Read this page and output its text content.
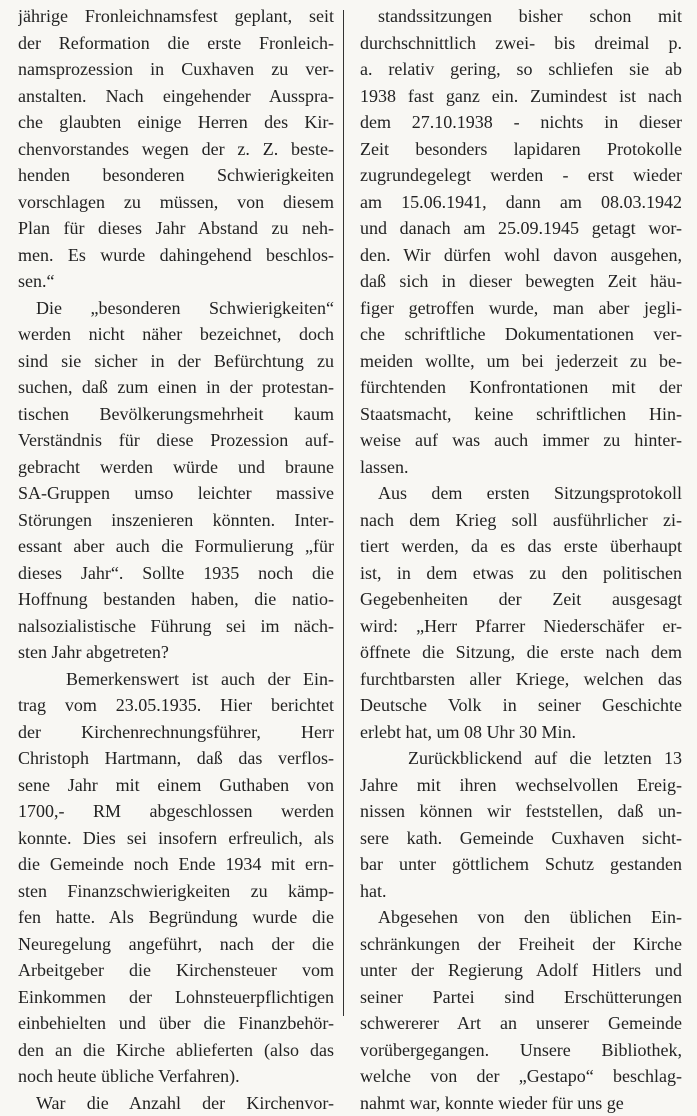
jährige Fronleichnamsfest geplant, seit
der Reformation die erste Fronleich-
namsprozession in Cuxhaven zu ver-
anstalten. Nach eingehender Ausspra-
che glaubten einige Herren des Kir-
chenvorstandes wegen der z. Z. beste-
henden besonderen Schwierigkeiten
vorschlagen zu müssen, von diesem
Plan für dieses Jahr Abstand zu neh-
men. Es wurde dahingehend beschlos-
sen.“
Die „besonderen Schwierigkeiten“
werden nicht näher bezeichnet, doch
sind sie sicher in der Befürchtung zu
suchen, daß zum einen in der protestan-
tischen Bevölkerungsmehrheit kaum
Verständnis für diese Prozession auf-
gebracht werden würde und braune
SA-Gruppen umso leichter massive
Störungen inszenieren könnten. Inter-
essant aber auch die Formulierung „für
dieses Jahr“. Sollte 1935 noch die
Hoffnung bestanden haben, die natio-
nalsozialistische Führung sei im näch-
sten Jahr abgetreten?
Bemerkenswert ist auch der Ein-
trag vom 23.05.1935. Hier berichtet
der Kirchenrechnungsführer, Herr
Christoph Hartmann, daß das verflos-
sene Jahr mit einem Guthaben von
1700,- RM abgeschlossen werden
konnte. Dies sei insofern erfreulich, als
die Gemeinde noch Ende 1934 mit ern-
sten Finanzschwierigkeiten zu kämp-
fen hatte. Als Begründung wurde die
Neuregelung angeführt, nach der die
Arbeitgeber die Kirchensteuer vom
Einkommen der Lohnsteuerpflichtigen
einbehielten und über die Finanzbehör-
den an die Kirche ablieferten (also das
noch heute übliche Verfahren).
War die Anzahl der Kirchenvor-
standssitzungen bisher schon mit
durchschnittlich zwei- bis dreimal p.
a. relativ gering, so schliefen sie ab
1938 fast ganz ein. Zumindest ist nach
dem 27.10.1938 - nichts in dieser
Zeit besonders lapidaren Protokolle
zugrundegelegt werden - erst wieder
am 15.06.1941, dann am 08.03.1942
und danach am 25.09.1945 getagt wor-
den. Wir dürfen wohl davon ausgehen,
daß sich in dieser bewegten Zeit häu-
figer getroffen wurde, man aber jegli-
che schriftliche Dokumentationen ver-
meiden wollte, um bei jederzeit zu be-
fürchtenden Konfrontationen mit der
Staatsmacht, keine schriftlichen Hin-
weise auf was auch immer zu hinter-
lassen.
Aus dem ersten Sitzungsprotokoll
nach dem Krieg soll ausführlicher zi-
tiert werden, da es das erste überhaupt
ist, in dem etwas zu den politischen
Gegebenheiten der Zeit ausgesagt
wird: „Herr Pfarrer Niederschäfer er-
öffnete die Sitzung, die erste nach dem
furchtbarsten aller Kriege, welchen das
Deutsche Volk in seiner Geschichte
erlebt hat, um 08 Uhr 30 Min.
Zurückblickend auf die letzten 13
Jahre mit ihren wechselvollen Ereig-
nissen können wir feststellen, daß un-
sere kath. Gemeinde Cuxhaven sicht-
bar unter göttlichem Schutz gestanden
hat.
Abgesehen von den üblichen Ein-
schränkungen der Freiheit der Kirche
unter der Regierung Adolf Hitlers und
seiner Partei sind Erschütterungen
schwererer Art an unserer Gemeinde
vorübergegangen. Unsere Bibliothek,
welche von der „Gestapo“ beschlag-
nahmt war, konnte wieder für uns ge
